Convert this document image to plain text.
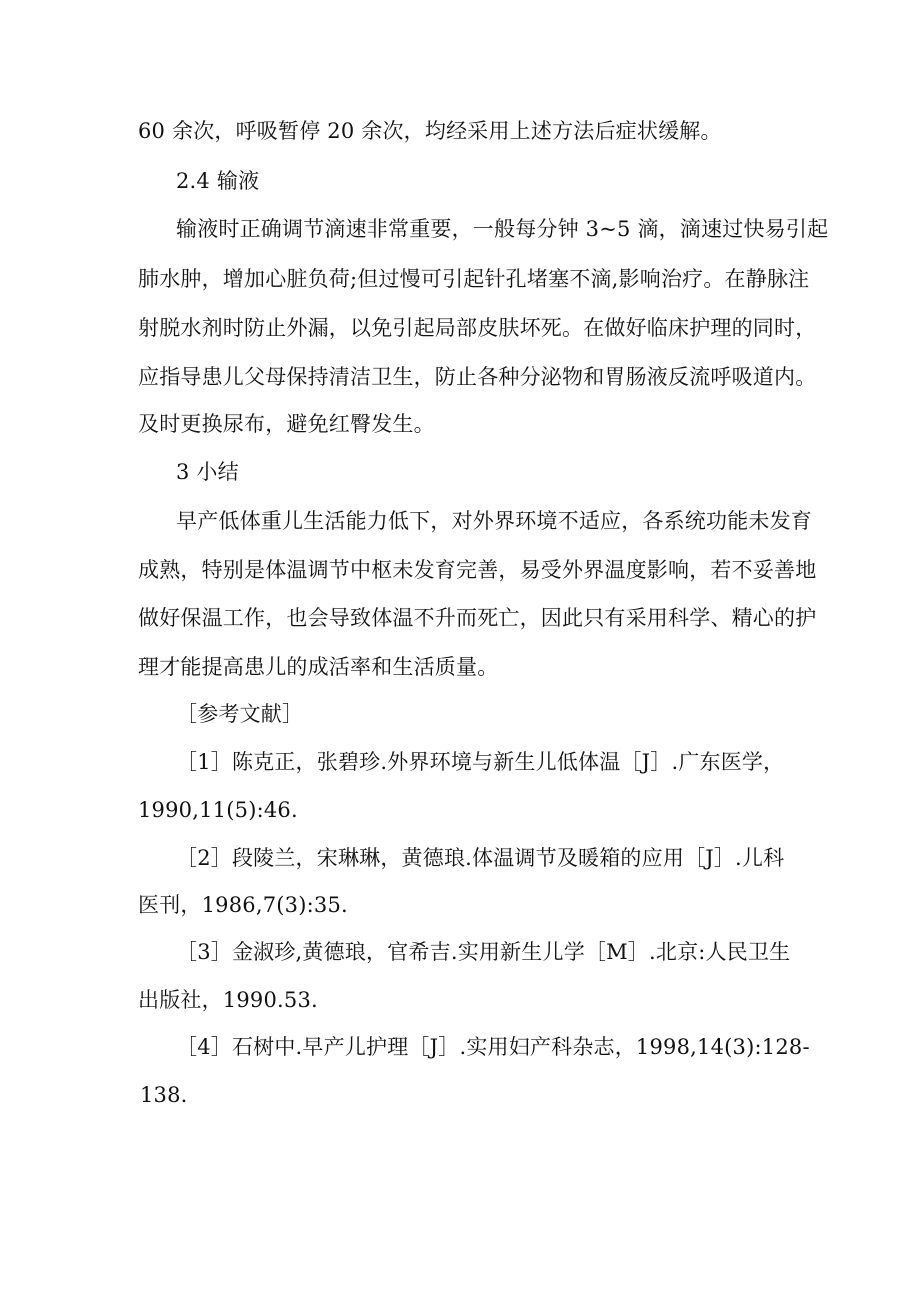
60 余次，呼吸暂停 20 余次，均经采用上述方法后症状缓解。
2.4 输液
输液时正确调节滴速非常重要，一般每分钟 3~5 滴，滴速过快易引起
肺水肿，增加心脏负荷;但过慢可引起针孔堵塞不滴,影响治疗。在静脉注
射脱水剂时防止外漏，以免引起局部皮肤坏死。在做好临床护理的同时，
应指导患儿父母保持清洁卫生，防止各种分泌物和胃肠液反流呼吸道内。
及时更换尿布，避免红臀发生。
3 小结
早产低体重儿生活能力低下，对外界环境不适应，各系统功能未发育
成熟，特别是体温调节中枢未发育完善，易受外界温度影响，若不妥善地
做好保温工作，也会导致体温不升而死亡，因此只有采用科学、精心的护
理才能提高患儿的成活率和生活质量。
［参考文献］
［1］陈克正，张碧珍.外界环境与新生儿低体温［J］.广东医学，
1990,11(5):46.
［2］段陵兰，宋琳琳，黄德琅.体温调节及暖箱的应用［J］.儿科
医刊，1986,7(3):35.
［3］金淑珍,黄德琅，官希吉.实用新生儿学［M］.北京:人民卫生
出版社，1990.53.
［4］石树中.早产儿护理［J］.实用妇产科杂志，1998,14(3):128-
138.
